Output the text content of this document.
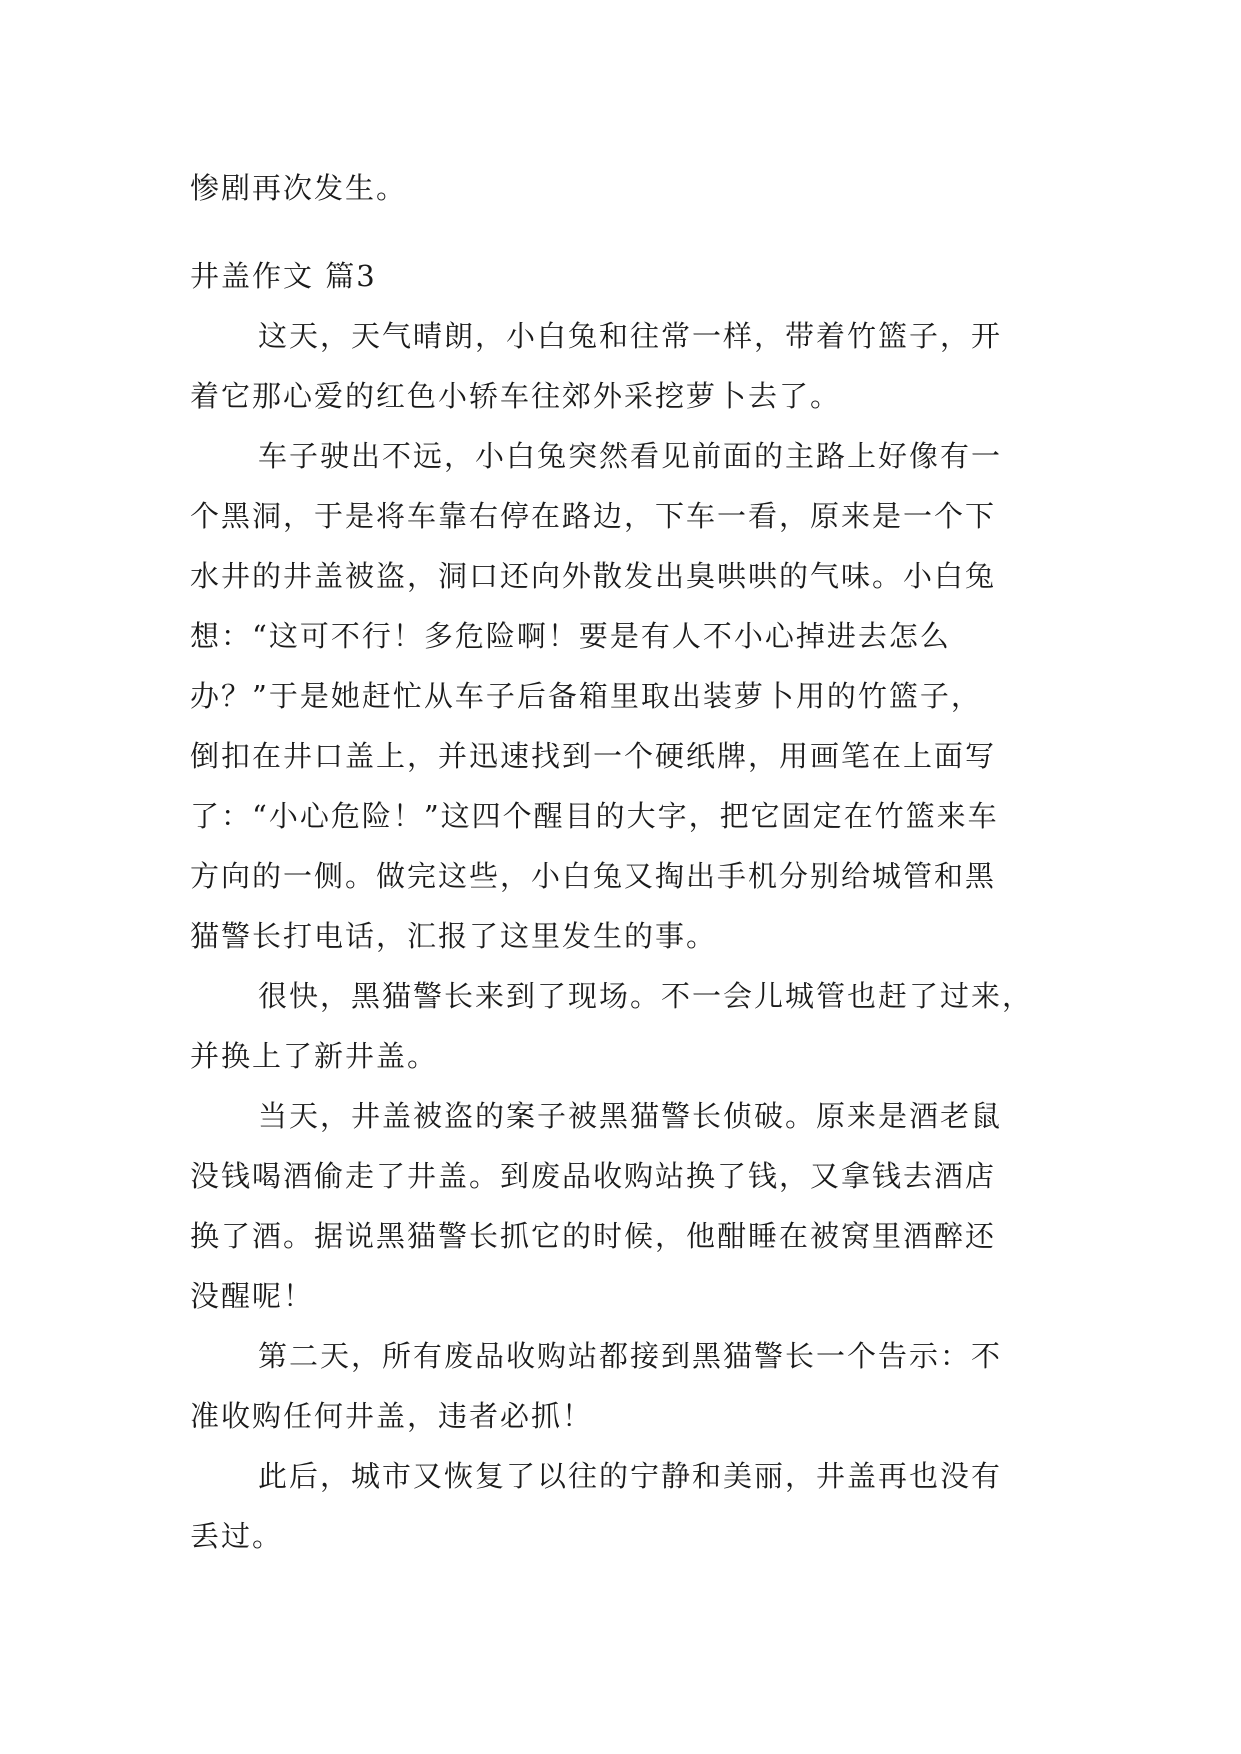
惨剧再次发生。

井盖作文 篇3

这天，天气晴朗，小白兔和往常一样，带着竹篮子，开

着它那心爱的红色小轿车往郊外采挖萝卜去了。

车子驶出不远，小白兔突然看见前面的主路上好像有一

个黑洞，于是将车靠右停在路边，下车一看，原来是一个下

水井的井盖被盗，洞口还向外散发出臭哄哄的气味。小白兔

想：“这可不行！多危险啊！要是有人不小心掉进去怎么

办？”于是她赶忙从车子后备箱里取出装萝卜用的竹篮子，

倒扣在井口盖上，并迅速找到一个硬纸牌，用画笔在上面写

了：“小心危险！”这四个醒目的大字，把它固定在竹篮来车

方向的一侧。做完这些，小白兔又掏出手机分别给城管和黑

猫警长打电话，汇报了这里发生的事。

很快，黑猫警长来到了现场。不一会儿城管也赶了过来，

并换上了新井盖。

当天，井盖被盗的案子被黑猫警长侦破。原来是酒老鼠

没钱喝酒偷走了井盖。到废品收购站换了钱，又拿钱去酒店

换了酒。据说黑猫警长抓它的时候，他酣睡在被窝里酒醉还

没醒呢！

第二天，所有废品收购站都接到黑猫警长一个告示：不

准收购任何井盖，违者必抓！

此后，城市又恢复了以往的宁静和美丽，井盖再也没有

丢过。
